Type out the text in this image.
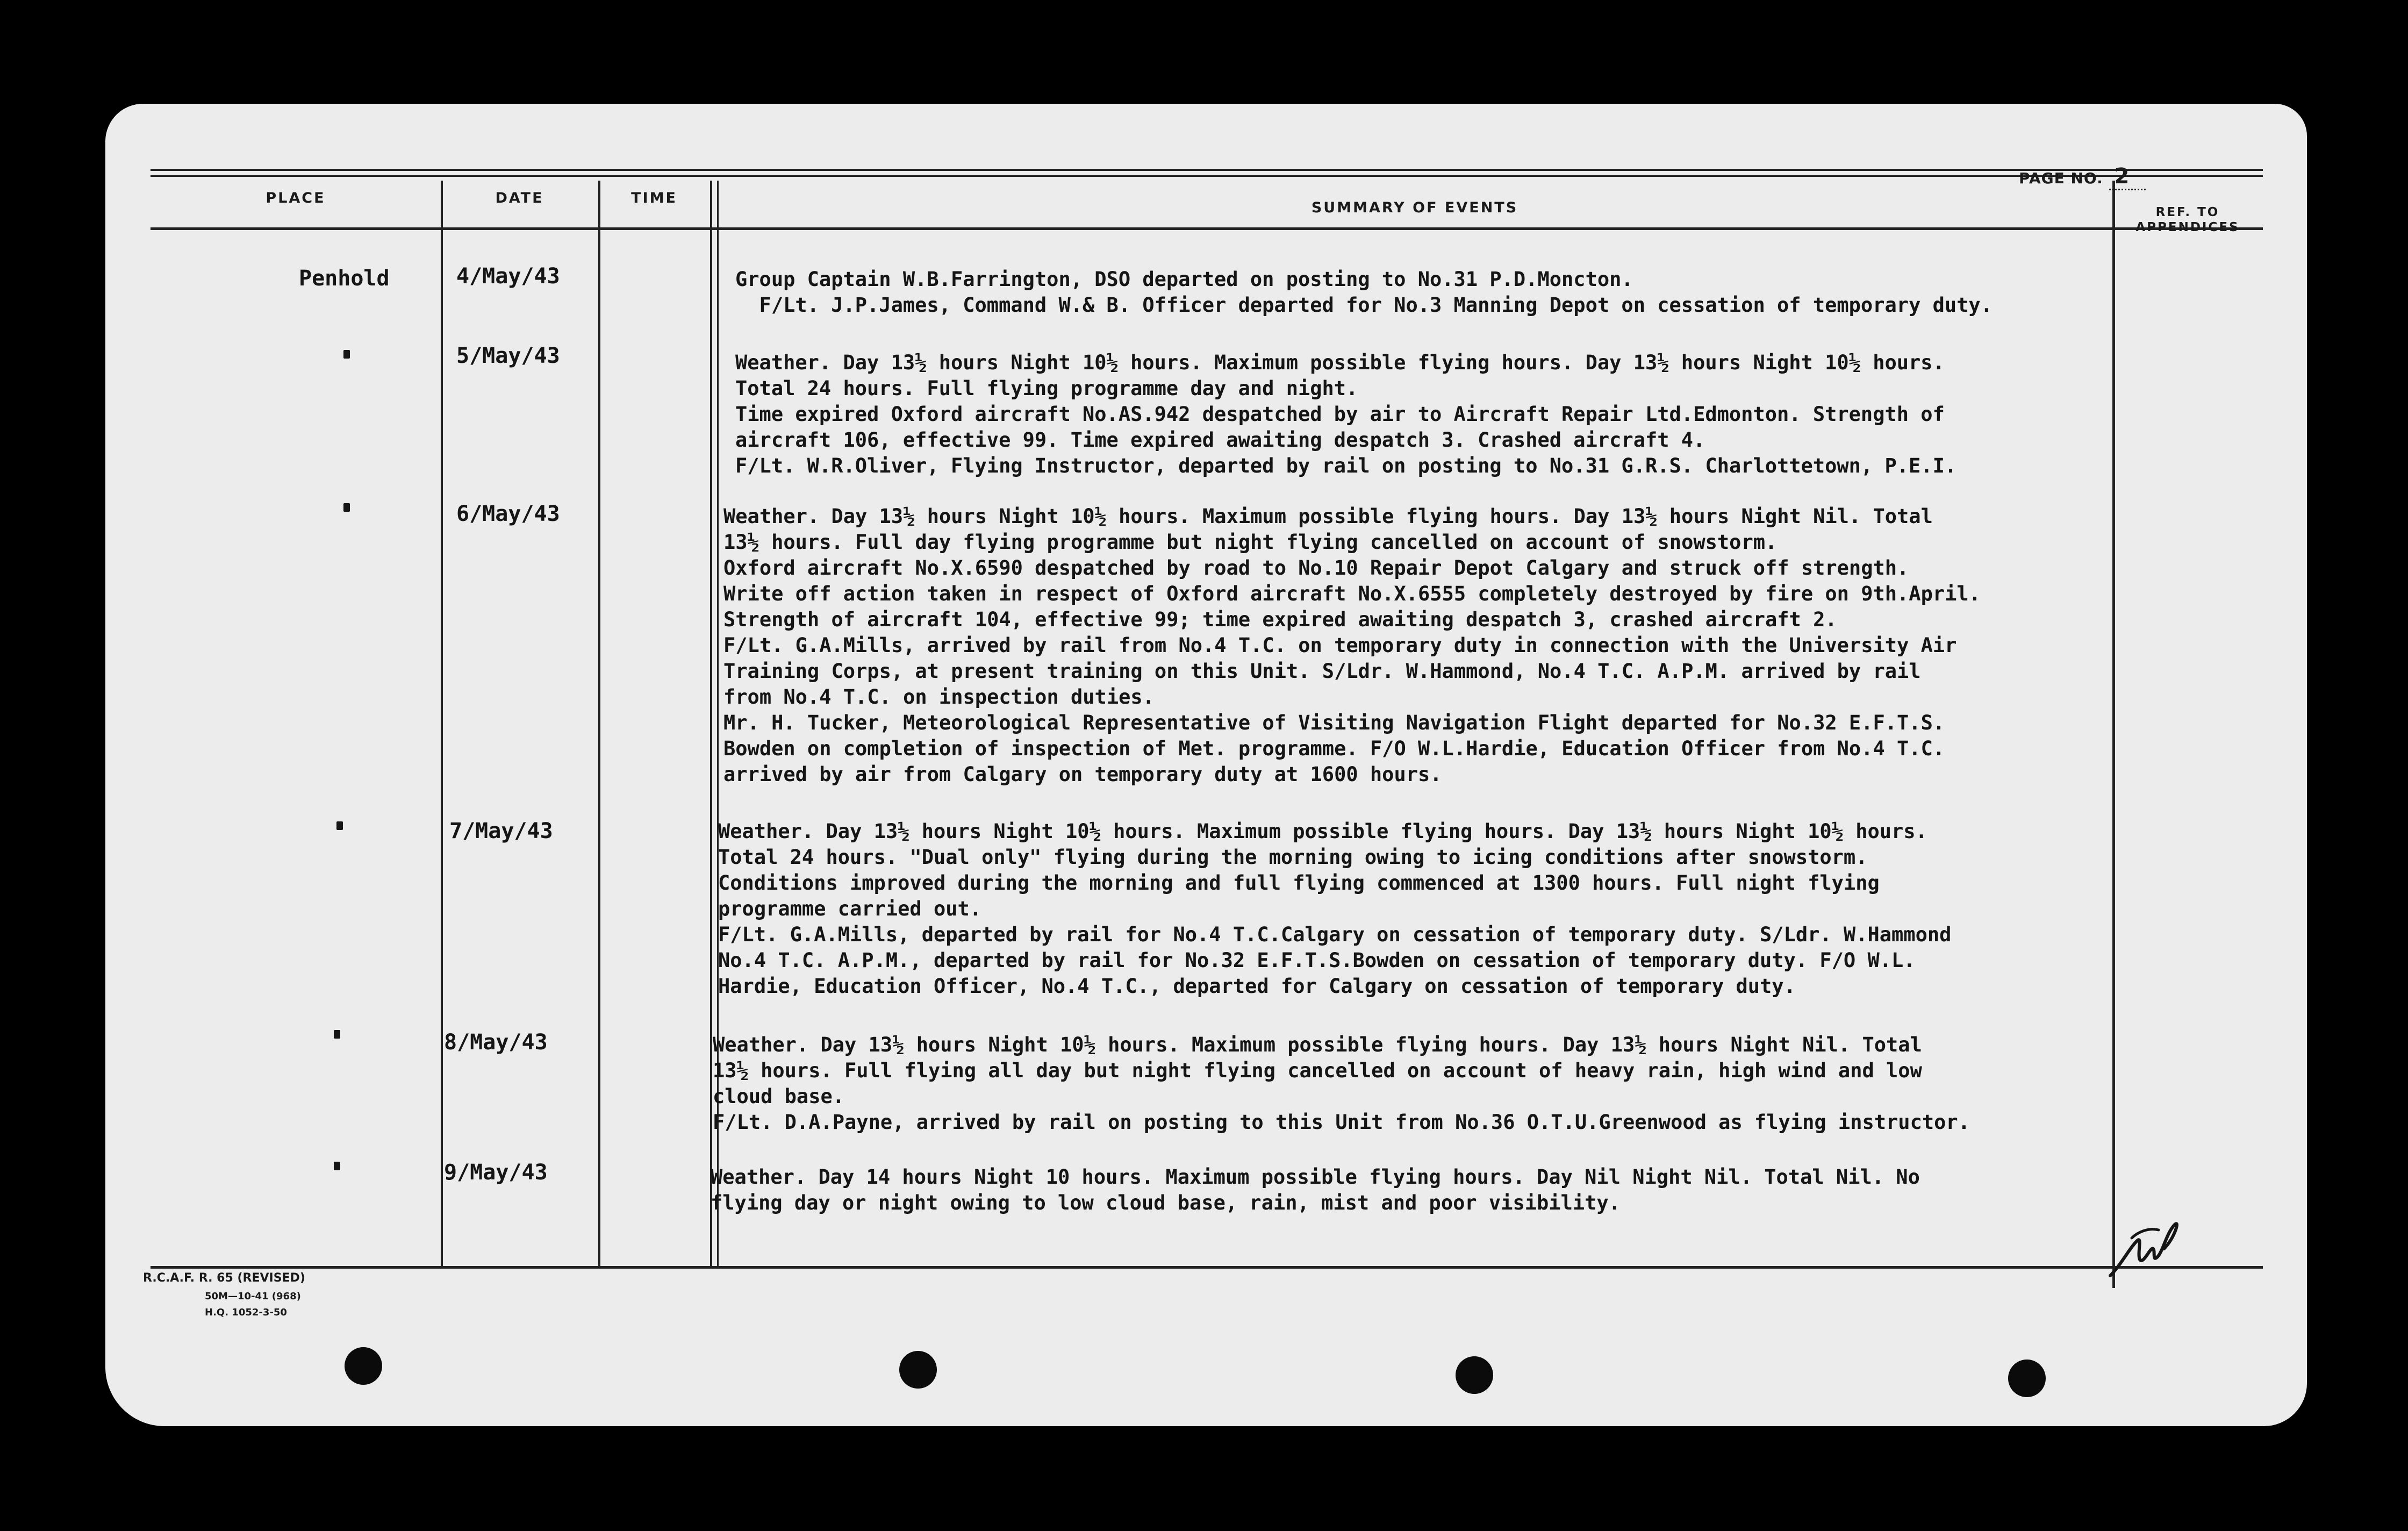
PAGE NO. 2
PLACE	DATE	TIME
SUMMARY OF EVENTS	REF. TO
APPENDICES
Penhold	4/May/43	Group Captain W.B.Farrington, DSO departed on posting to No.31 P.D.Moncton.
F/Lt. J.P.James, Command W.& B. Officer departed for No.3 Manning Depot on cessation of temporary duty.
5/May/43	Weather. Day 13½ hours Night 10½ hours. Maximum possible flying hours. Day 13½ hours Night 10½ hours.
Total 24 hours. Full flying programme day and night.
Time expired Oxford aircraft No.AS.942 despatched by air to Aircraft Repair Ltd.Edmonton. Strength of
aircraft 106, effective 99. Time expired awaiting despatch 3. Crashed aircraft 4.
F/Lt. W.R.Oliver, Flying Instructor, departed by rail on posting to No.31 G.R.S. Charlottetown, P.E.I.
6/May/43	Weather. Day 13½ hours Night 10½ hours. Maximum possible flying hours. Day 13½ hours Night Nil. Total
13½ hours. Full day flying programme but night flying cancelled on account of snowstorm.
Oxford aircraft No.X.6590 despatched by road to No.10 Repair Depot Calgary and struck off strength.
Write off action taken in respect of Oxford aircraft No.X.6555 completely destroyed by fire on 9th.April.
Strength of aircraft 104, effective 99; time expired awaiting despatch 3, crashed aircraft 2.
F/Lt. G.A.Mills, arrived by rail from No.4 T.C. on temporary duty in connection with the University Air
Training Corps, at present training on this Unit. S/Ldr. W.Hammond, No.4 T.C. A.P.M. arrived by rail
from No.4 T.C. on inspection duties.
Mr. H. Tucker, Meteorological Representative of Visiting Navigation Flight departed for No.32 E.F.T.S.
Bowden on completion of inspection of Met. programme. F/O W.L.Hardie, Education Officer from No.4 T.C.
arrived by air from Calgary on temporary duty at 1600 hours.
7/May/43	Weather. Day 13½ hours Night 10½ hours. Maximum possible flying hours. Day 13½ hours Night 10½ hours.
Total 24 hours. "Dual only" flying during the morning owing to icing conditions after snowstorm.
Conditions improved during the morning and full flying commenced at 1300 hours. Full night flying
programme carried out.
F/Lt. G.A.Mills, departed by rail for No.4 T.C.Calgary on cessation of temporary duty. S/Ldr. W.Hammond
No.4 T.C. A.P.M., departed by rail for No.32 E.F.T.S.Bowden on cessation of temporary duty. F/O W.L.
Hardie, Education Officer, No.4 T.C., departed for Calgary on cessation of temporary duty.
8/May/43	Weather. Day 13½ hours Night 10½ hours. Maximum possible flying hours. Day 13½ hours Night Nil. Total
13½ hours. Full flying all day but night flying cancelled on account of heavy rain, high wind and low
cloud base.
F/Lt. D.A.Payne, arrived by rail on posting to this Unit from No.36 O.T.U.Greenwood as flying instructor.
9/May/43	Weather. Day 14 hours Night 10 hours. Maximum possible flying hours. Day Nil Night Nil. Total Nil. No
flying day or night owing to low cloud base, rain, mist and poor visibility.
R.C.A.F. R. 65 (REVISED)
50M—10-41 (968)
H.Q. 1052-3-50
